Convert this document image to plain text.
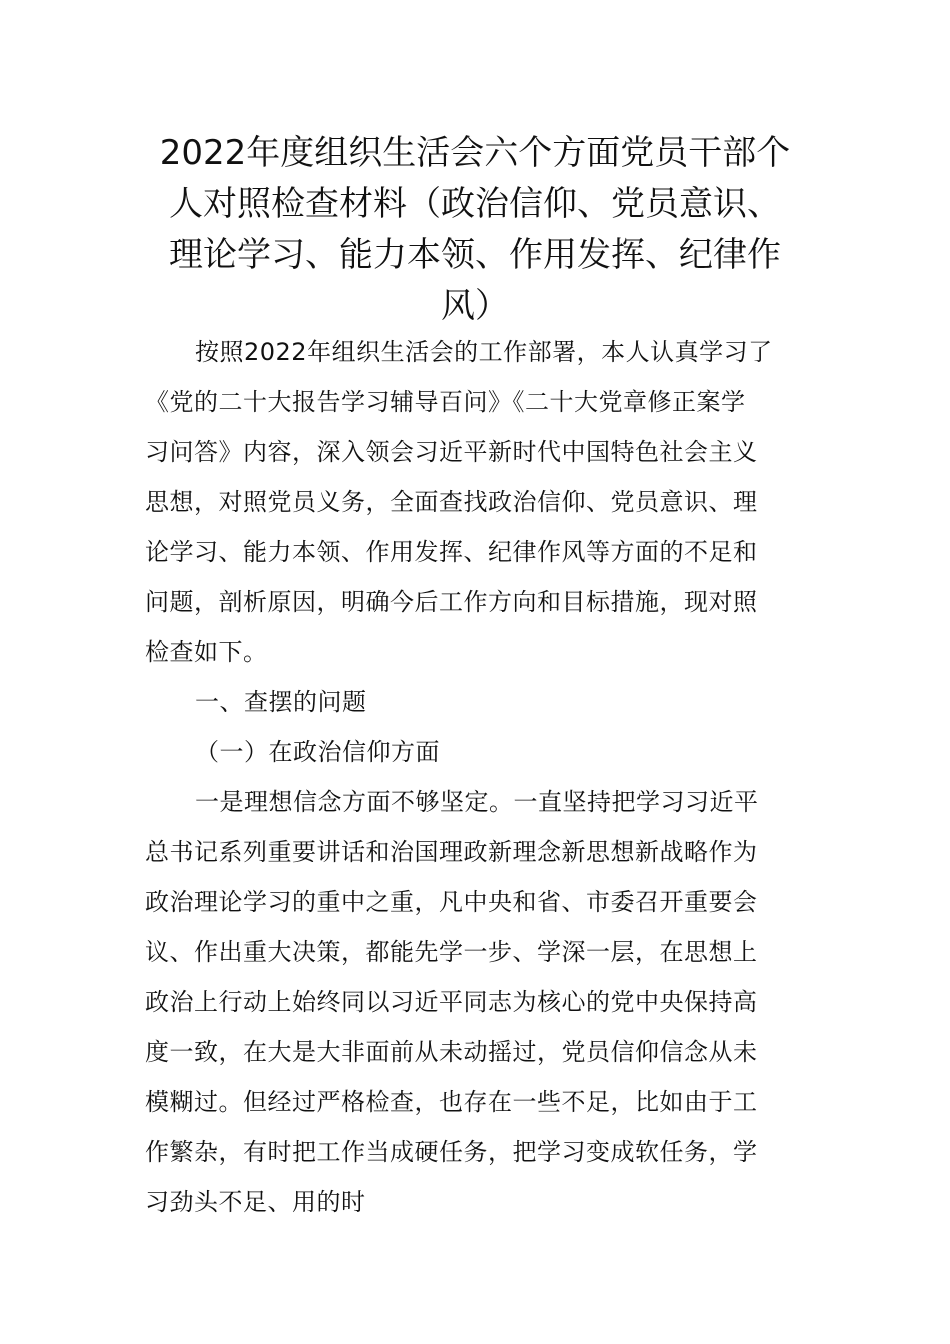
2022年度组织生活会六个方面党员干部个
人对照检查材料（政治信仰、党员意识、
理论学习、能力本领、作用发挥、纪律作
风）

按照2022年组织生活会的工作部署，本人认真学习了
《党的二十大报告学习辅导百问》《二十大党章修正案学
习问答》内容，深入领会习近平新时代中国特色社会主义
思想，对照党员义务，全面查找政治信仰、党员意识、理
论学习、能力本领、作用发挥、纪律作风等方面的不足和
问题，剖析原因，明确今后工作方向和目标措施，现对照
检查如下。

一、查摆的问题

（一）在政治信仰方面

一是理想信念方面不够坚定。一直坚持把学习习近平
总书记系列重要讲话和治国理政新理念新思想新战略作为
政治理论学习的重中之重，凡中央和省、市委召开重要会
议、作出重大决策，都能先学一步、学深一层，在思想上
政治上行动上始终同以习近平同志为核心的党中央保持高
度一致，在大是大非面前从未动摇过，党员信仰信念从未
模糊过。但经过严格检查，也存在一些不足，比如由于工
作繁杂，有时把工作当成硬任务，把学习变成软任务，学
习劲头不足、用的时
